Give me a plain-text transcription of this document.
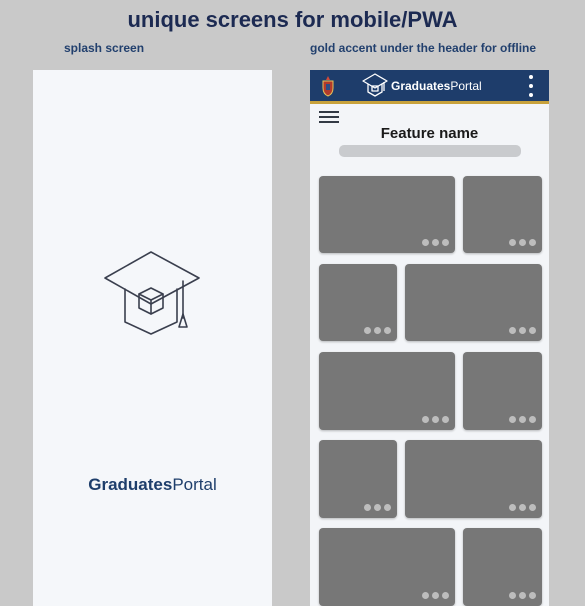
unique screens for mobile/PWA
splash screen	gold accent under the header for offline
GraduatesPortal
GraduatesPortal
Feature name
